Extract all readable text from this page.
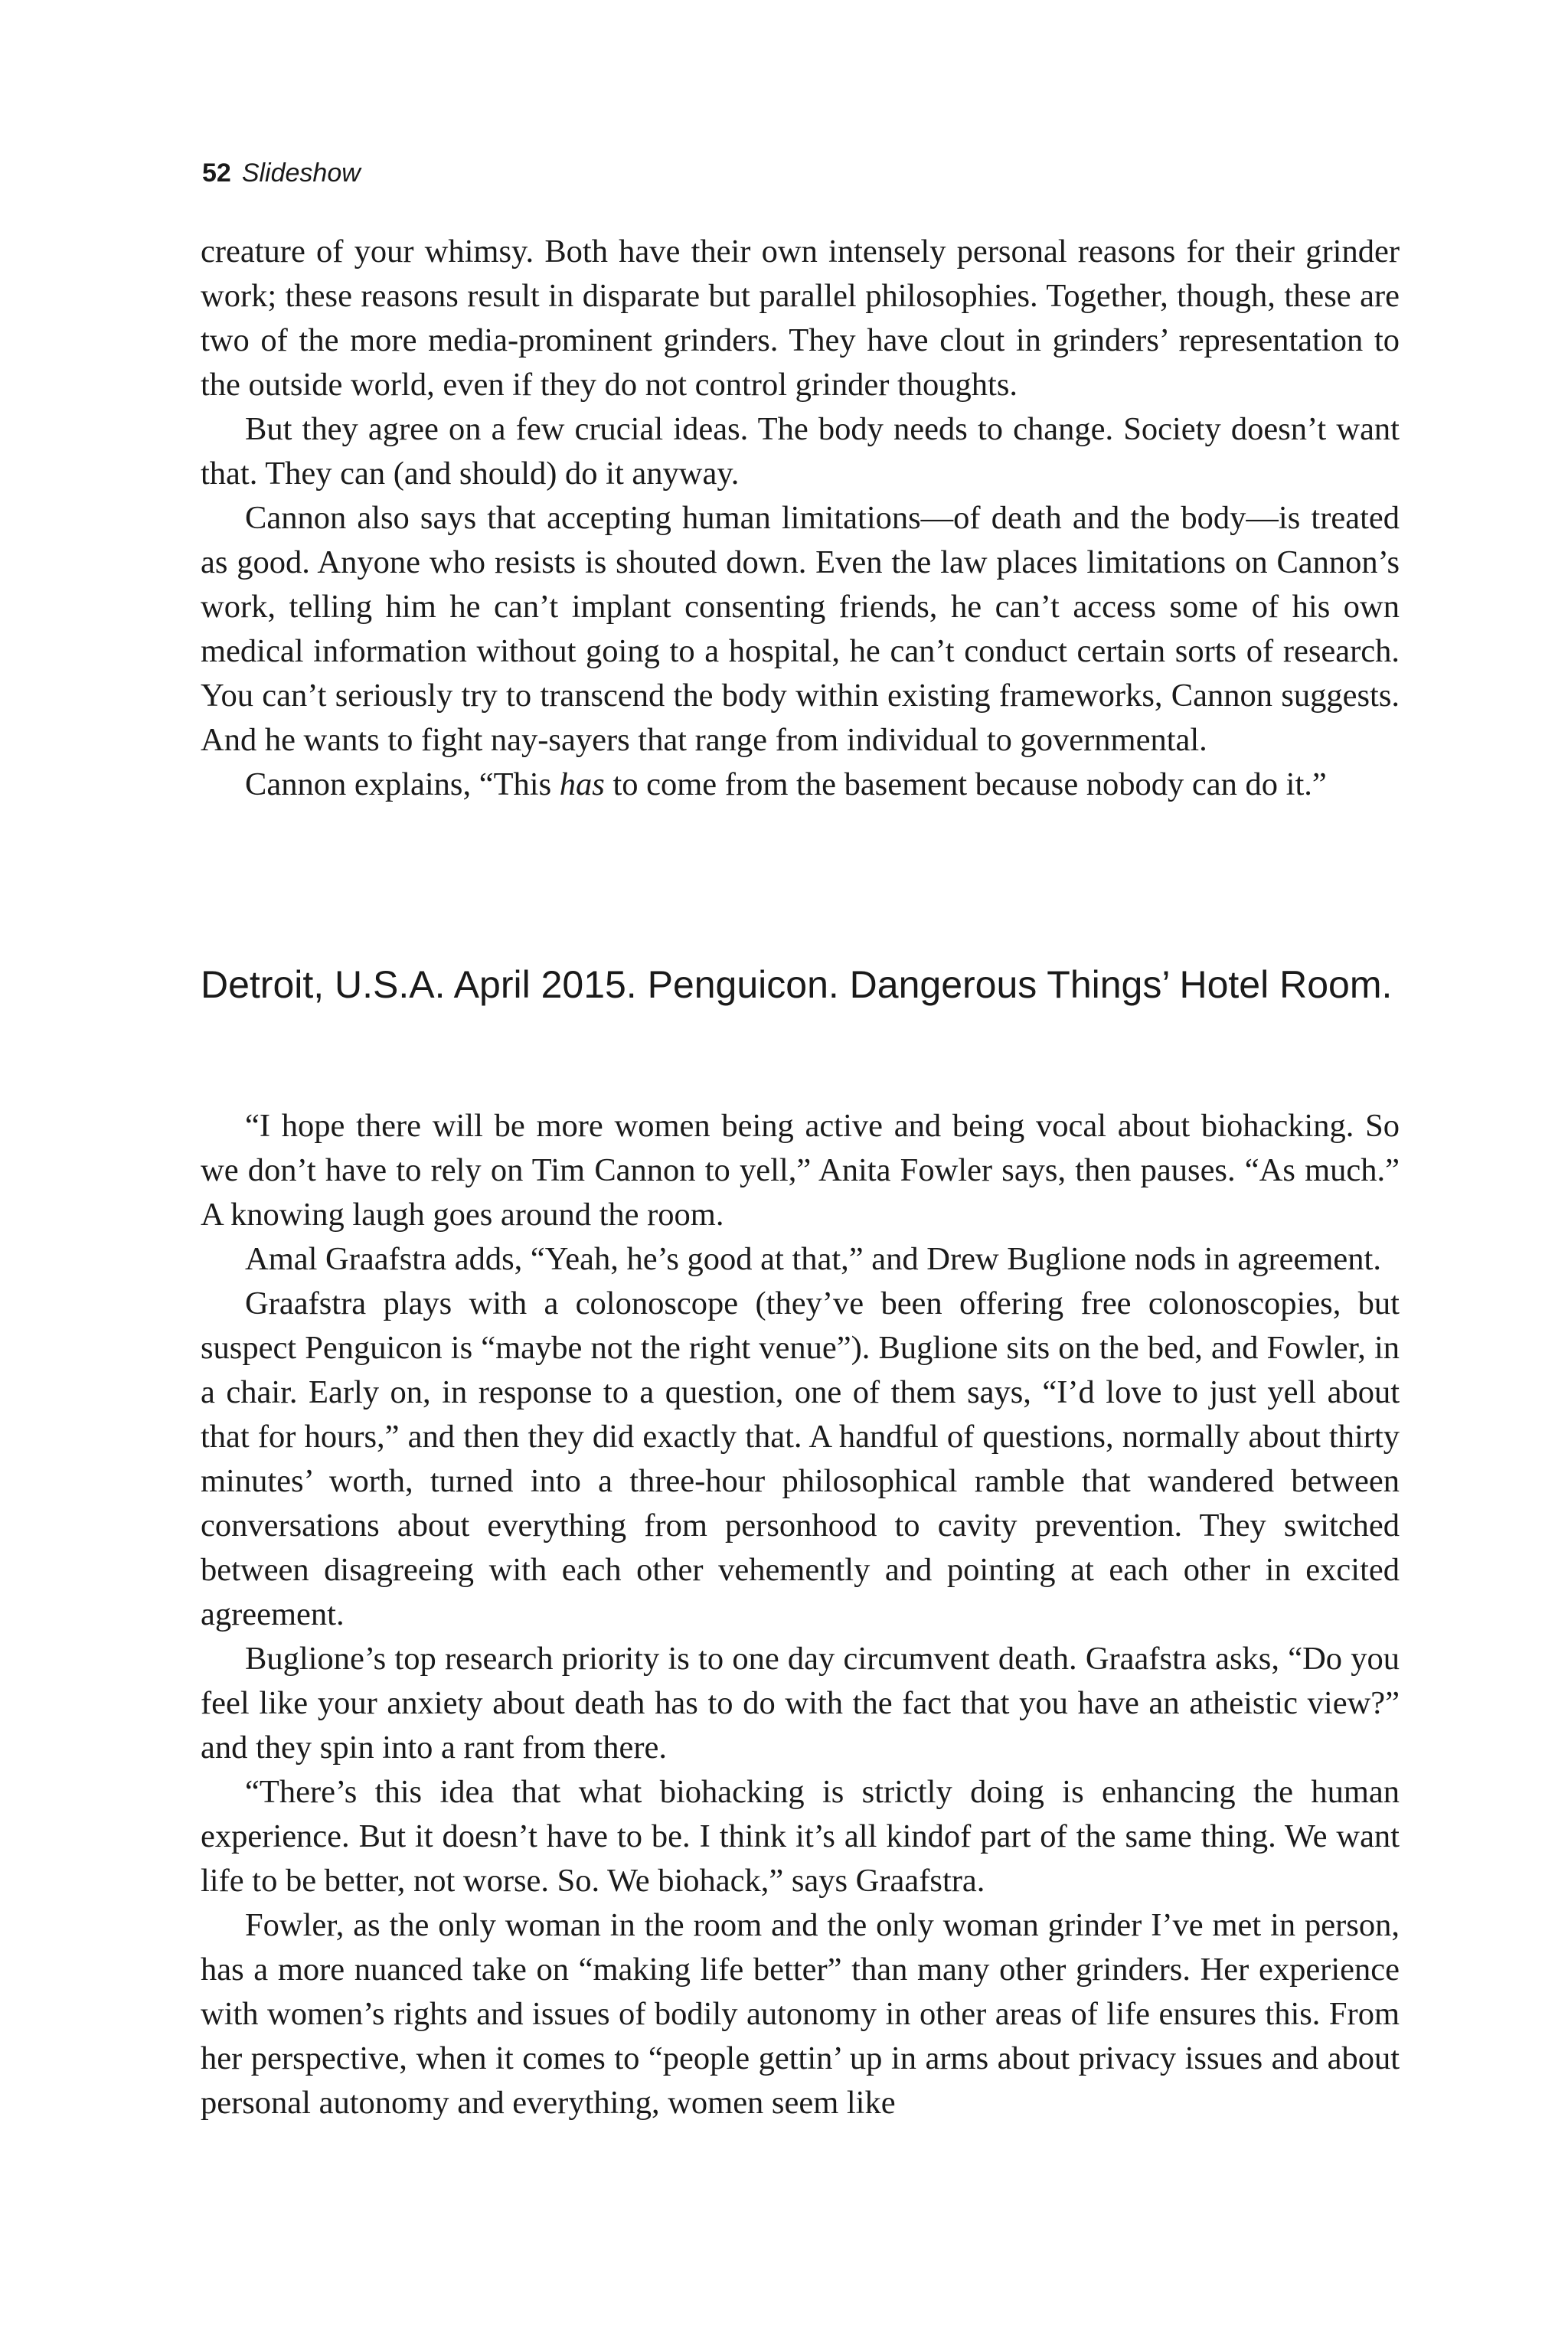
52 Slideshow

creature of your whimsy. Both have their own intensely personal reasons for their grinder work; these reasons result in disparate but parallel philosophies. Together, though, these are two of the more media-prominent grinders. They have clout in grinders’ representation to the outside world, even if they do not control grinder thoughts.

But they agree on a few crucial ideas. The body needs to change. Society doesn’t want that. They can (and should) do it anyway.

Cannon also says that accepting human limitations—of death and the body—is treated as good. Anyone who resists is shouted down. Even the law places limitations on Cannon’s work, telling him he can’t implant consenting friends, he can’t access some of his own medical information without going to a hospital, he can’t conduct certain sorts of research. You can’t seriously try to transcend the body within existing frameworks, Cannon suggests. And he wants to fight nay-sayers that range from individual to governmental.

Cannon explains, “This has to come from the basement because nobody can do it.”

Detroit, U.S.A. April 2015. Penguicon. Dangerous Things’ Hotel Room.

“I hope there will be more women being active and being vocal about biohacking. So we don’t have to rely on Tim Cannon to yell,” Anita Fowler says, then pauses. “As much.” A knowing laugh goes around the room.

Amal Graafstra adds, “Yeah, he’s good at that,” and Drew Buglione nods in agreement.

Graafstra plays with a colonoscope (they’ve been offering free colonoscopies, but suspect Penguicon is “maybe not the right venue”). Buglione sits on the bed, and Fowler, in a chair. Early on, in response to a question, one of them says, “I’d love to just yell about that for hours,” and then they did exactly that. A handful of questions, normally about thirty minutes’ worth, turned into a three-hour philosophical ramble that wandered between conversations about everything from personhood to cavity prevention. They switched between disagreeing with each other vehemently and pointing at each other in excited agreement.

Buglione’s top research priority is to one day circumvent death. Graafstra asks, “Do you feel like your anxiety about death has to do with the fact that you have an atheistic view?” and they spin into a rant from there.

“There’s this idea that what biohacking is strictly doing is enhancing the human experience. But it doesn’t have to be. I think it’s all kindof part of the same thing. We want life to be better, not worse. So. We biohack,” says Graafstra.

Fowler, as the only woman in the room and the only woman grinder I’ve met in person, has a more nuanced take on “making life better” than many other grinders. Her experience with women’s rights and issues of bodily autonomy in other areas of life ensures this. From her perspective, when it comes to “people gettin’ up in arms about privacy issues and about personal autonomy and everything, women seem like
